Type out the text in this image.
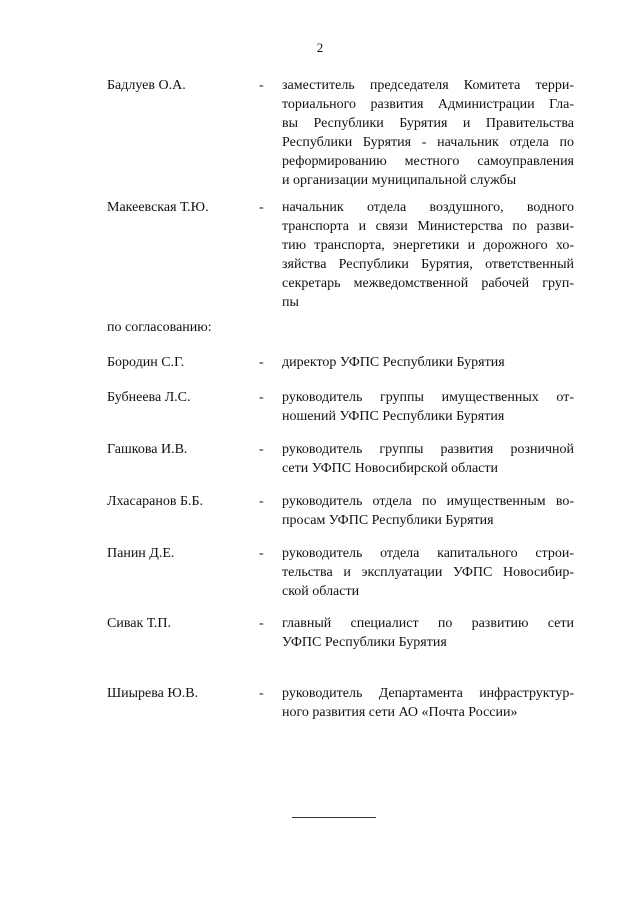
2
Бадлуев О.А.	- заместитель председателя Комитета терри-
ториального развития Администрации Гла-
вы Республики Бурятия и Правительства
Республики Бурятия - начальник отдела по
реформированию местного самоуправления
и организации муниципальной службы
Макеевская Т.Ю.	- начальник отдела воздушного, водного
транспорта и связи Министерства по разви-
тию транспорта, энергетики и дорожного хо-
зяйства Республики Бурятия, ответственный
секретарь межведомственной рабочей груп-
пы
по согласованию:
Бородин С.Г.	- директор УФПС Республики Бурятия
Бубнеева Л.С.	- руководитель группы имущественных от-
ношений УФПС Республики Бурятия
Гашкова И.В.	- руководитель группы развития розничной
сети УФПС Новосибирской области
Лхасаранов Б.Б.	- руководитель отдела по имущественным во-
просам УФПС Республики Бурятия
Панин Д.Е.	- руководитель отдела капитального строи-
тельства и эксплуатации УФПС Новосибир-
ской области
Сивак Т.П.	- главный специалист по развитию сети
УФПС Республики Бурятия
Шиырева Ю.В.	- руководитель Департамента инфраструктур-
ного развития сети АО «Почта России»
